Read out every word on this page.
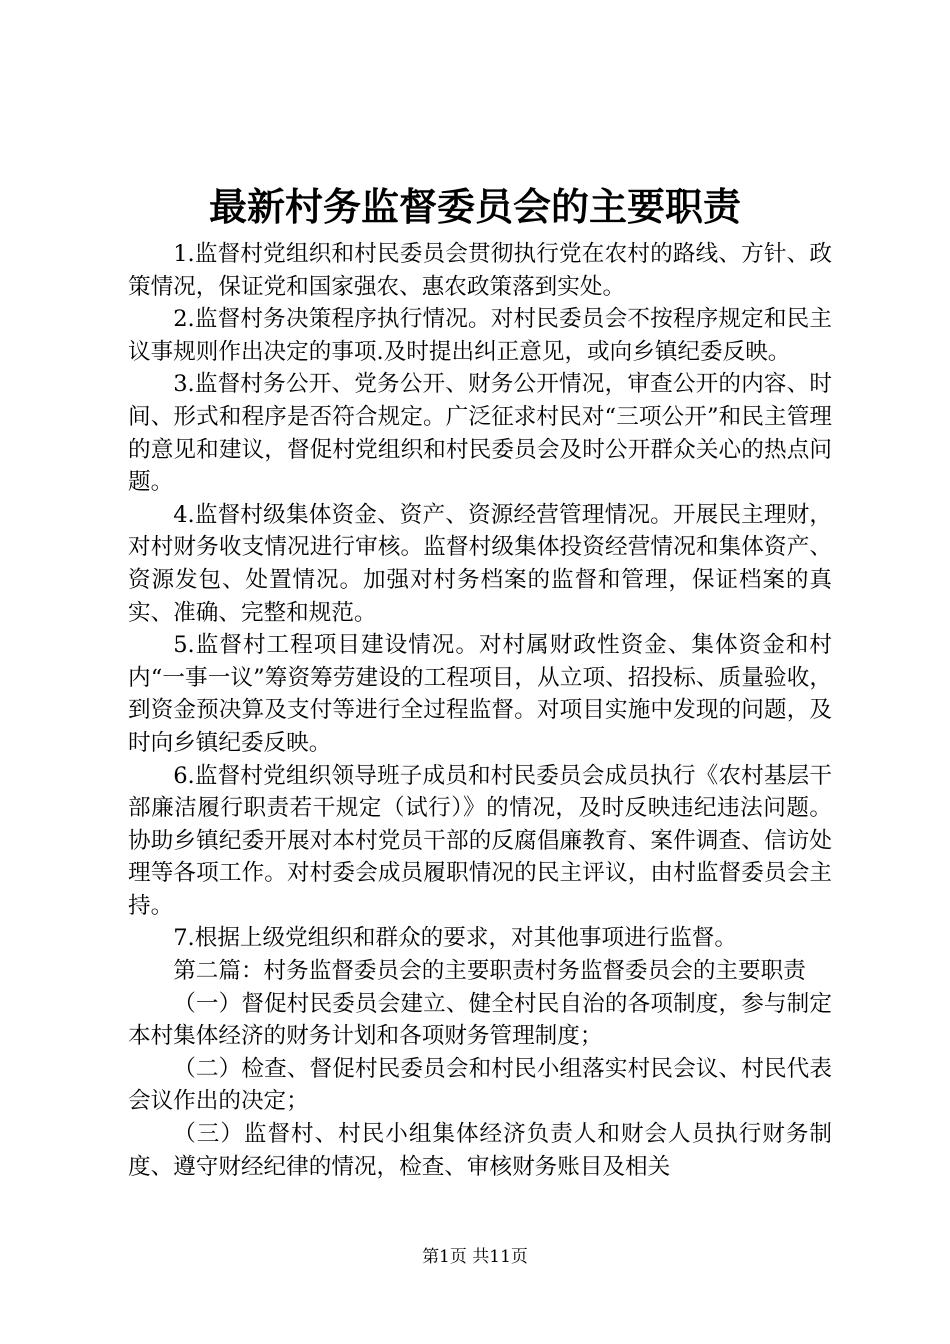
最新村务监督委员会的主要职责

1.监督村党组织和村民委员会贯彻执行党在农村的路线、方针、政策情况，保证党和国家强农、惠农政策落到实处。

2.监督村务决策程序执行情况。对村民委员会不按程序规定和民主议事规则作出决定的事项.及时提出纠正意见，或向乡镇纪委反映。

3.监督村务公开、党务公开、财务公开情况，审查公开的内容、时间、形式和程序是否符合规定。广泛征求村民对“三项公开”和民主管理的意见和建议，督促村党组织和村民委员会及时公开群众关心的热点问题。

4.监督村级集体资金、资产、资源经营管理情况。开展民主理财，对村财务收支情况进行审核。监督村级集体投资经营情况和集体资产、资源发包、处置情况。加强对村务档案的监督和管理，保证档案的真实、准确、完整和规范。

5.监督村工程项目建设情况。对村属财政性资金、集体资金和村内“一事一议”筹资筹劳建设的工程项目，从立项、招投标、质量验收，到资金预决算及支付等进行全过程监督。对项目实施中发现的问题，及时向乡镇纪委反映。

6.监督村党组织领导班子成员和村民委员会成员执行《农村基层干部廉洁履行职责若干规定（试行）》的情况，及时反映违纪违法问题。协助乡镇纪委开展对本村党员干部的反腐倡廉教育、案件调查、信访处理等各项工作。对村委会成员履职情况的民主评议，由村监督委员会主持。

7.根据上级党组织和群众的要求，对其他事项进行监督。

第二篇：村务监督委员会的主要职责村务监督委员会的主要职责

（一）督促村民委员会建立、健全村民自治的各项制度，参与制定本村集体经济的财务计划和各项财务管理制度；

（二）检查、督促村民委员会和村民小组落实村民会议、村民代表会议作出的决定；

（三）监督村、村民小组集体经济负责人和财会人员执行财务制度、遵守财经纪律的情况，检查、审核财务账目及相关

第1页 共11页
